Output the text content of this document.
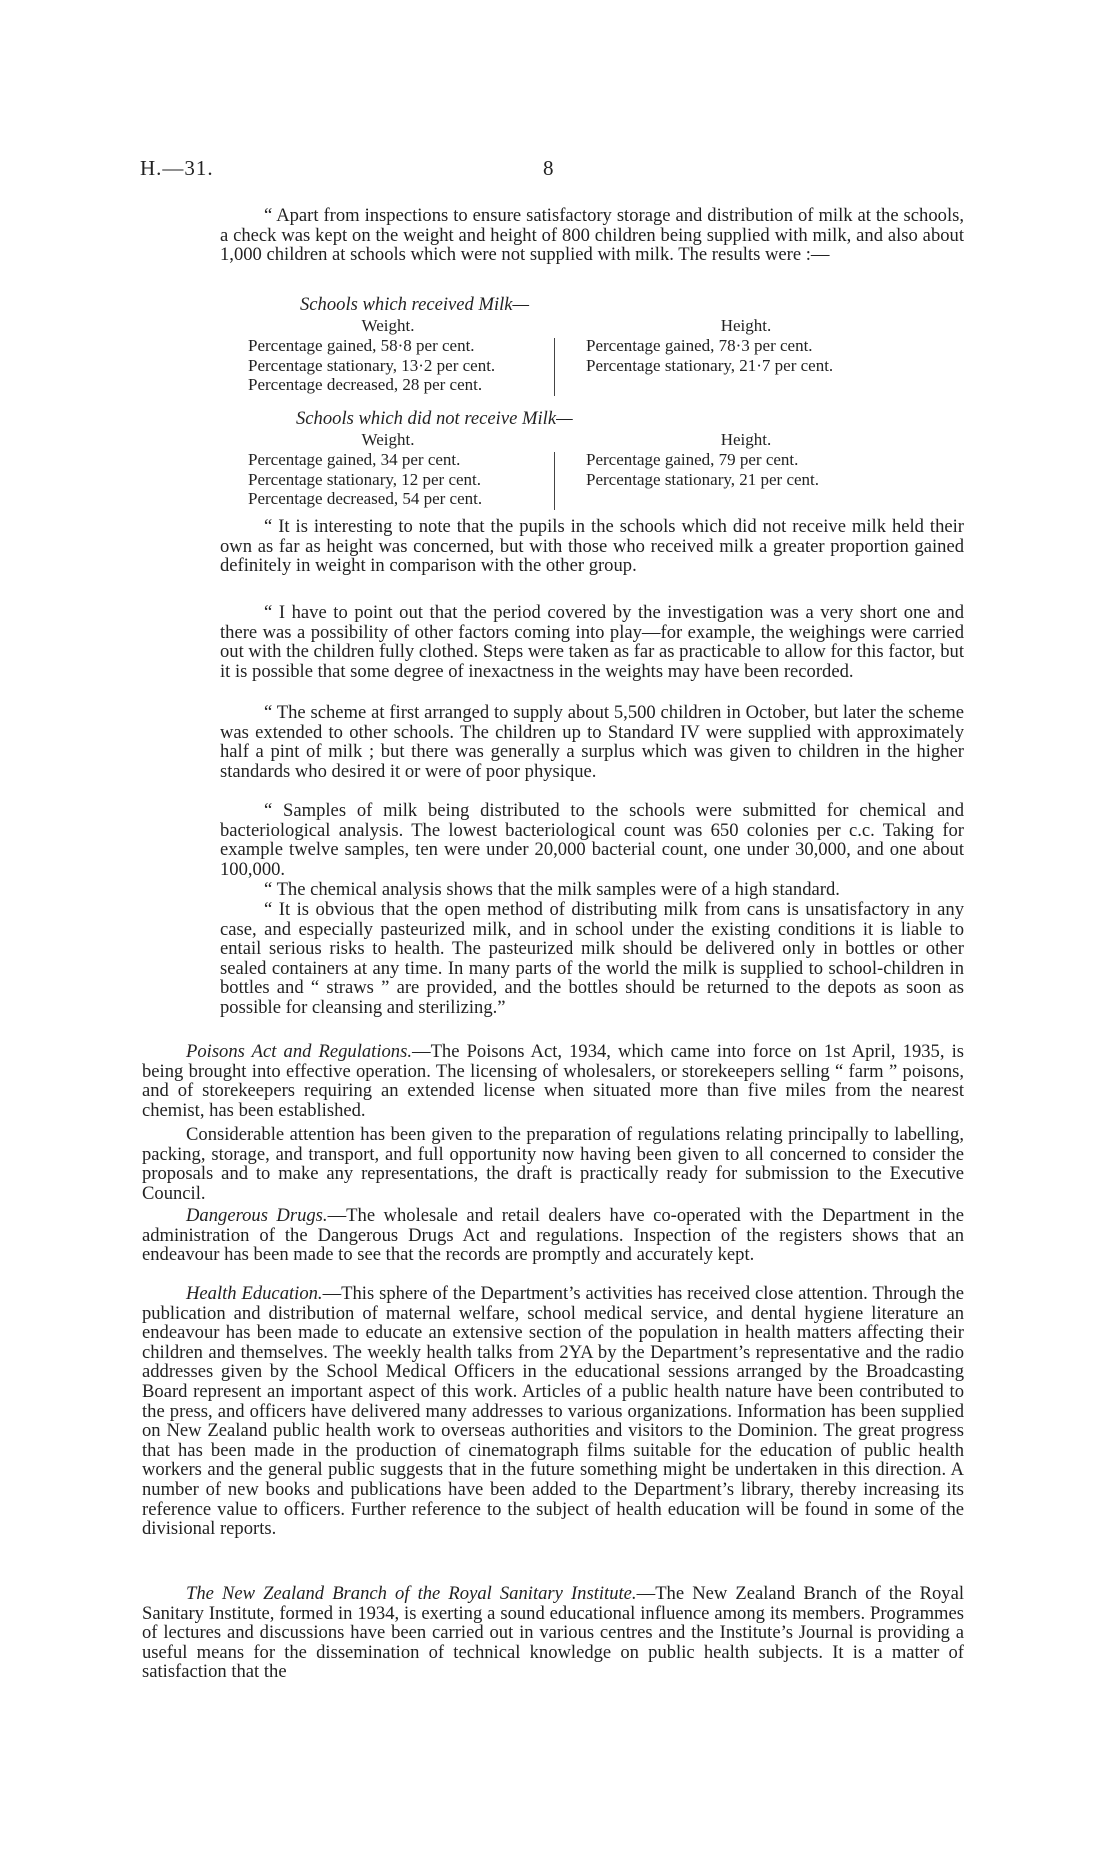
H.—31.	8

“ Apart from inspections to ensure satisfactory storage and distribution of milk at the schools, a check was kept on the weight and height of 800 children being supplied with milk, and also about 1,000 children at schools which were not supplied with milk. The results were :—

Schools which received Milk—
Weight.
Percentage gained, 58·8 per cent.
Percentage stationary, 13·2 per cent.
Percentage decreased, 28 per cent.
Height.
Percentage gained, 78·3 per cent.
Percentage stationary, 21·7 per cent.
Schools which did not receive Milk—
Weight.
Percentage gained, 34 per cent.
Percentage stationary, 12 per cent.
Percentage decreased, 54 per cent.
Height.
Percentage gained, 79 per cent.
Percentage stationary, 21 per cent.

“ It is interesting to note that the pupils in the schools which did not receive milk held their own as far as height was concerned, but with those who received milk a greater proportion gained definitely in weight in comparison with the other group.

“ I have to point out that the period covered by the investigation was a very short one and there was a possibility of other factors coming into play—for example, the weighings were carried out with the children fully clothed. Steps were taken as far as practicable to allow for this factor, but it is possible that some degree of inexactness in the weights may have been recorded.

“ The scheme at first arranged to supply about 5,500 children in October, but later the scheme was extended to other schools. The children up to Standard IV were supplied with approximately half a pint of milk ; but there was generally a surplus which was given to children in the higher standards who desired it or were of poor physique.

“ Samples of milk being distributed to the schools were submitted for chemical and bacteriological analysis. The lowest bacteriological count was 650 colonies per c.c. Taking for example twelve samples, ten were under 20,000 bacterial count, one under 30,000, and one about 100,000.

“ The chemical analysis shows that the milk samples were of a high standard.

“ It is obvious that the open method of distributing milk from cans is unsatisfactory in any case, and especially pasteurized milk, and in school under the existing conditions it is liable to entail serious risks to health. The pasteurized milk should be delivered only in bottles or other sealed containers at any time. In many parts of the world the milk is supplied to school-children in bottles and “ straws ” are provided, and the bottles should be returned to the depots as soon as possible for cleansing and sterilizing.”

Poisons Act and Regulations.—The Poisons Act, 1934, which came into force on 1st April, 1935, is being brought into effective operation. The licensing of wholesalers, or storekeepers selling “ farm ” poisons, and of storekeepers requiring an extended license when situated more than five miles from the nearest chemist, has been established.

Considerable attention has been given to the preparation of regulations relating principally to labelling, packing, storage, and transport, and full opportunity now having been given to all concerned to consider the proposals and to make any representations, the draft is practically ready for submission to the Executive Council.

Dangerous Drugs.—The wholesale and retail dealers have co-operated with the Department in the administration of the Dangerous Drugs Act and regulations. Inspection of the registers shows that an endeavour has been made to see that the records are promptly and accurately kept.

Health Education.—This sphere of the Department’s activities has received close attention. Through the publication and distribution of maternal welfare, school medical service, and dental hygiene literature an endeavour has been made to educate an extensive section of the population in health matters affecting their children and themselves. The weekly health talks from 2YA by the Department’s representative and the radio addresses given by the School Medical Officers in the educational sessions arranged by the Broadcasting Board represent an important aspect of this work. Articles of a public health nature have been contributed to the press, and officers have delivered many addresses to various organizations. Information has been supplied on New Zealand public health work to overseas authorities and visitors to the Dominion. The great progress that has been made in the production of cinematograph films suitable for the education of public health workers and the general public suggests that in the future something might be undertaken in this direction. A number of new books and publications have been added to the Department’s library, thereby increasing its reference value to officers. Further reference to the subject of health education will be found in some of the divisional reports.

The New Zealand Branch of the Royal Sanitary Institute.—The New Zealand Branch of the Royal Sanitary Institute, formed in 1934, is exerting a sound educational influence among its members. Programmes of lectures and discussions have been carried out in various centres and the Institute’s Journal is providing a useful means for the dissemination of technical knowledge on public health subjects. It is a matter of satisfaction that the
